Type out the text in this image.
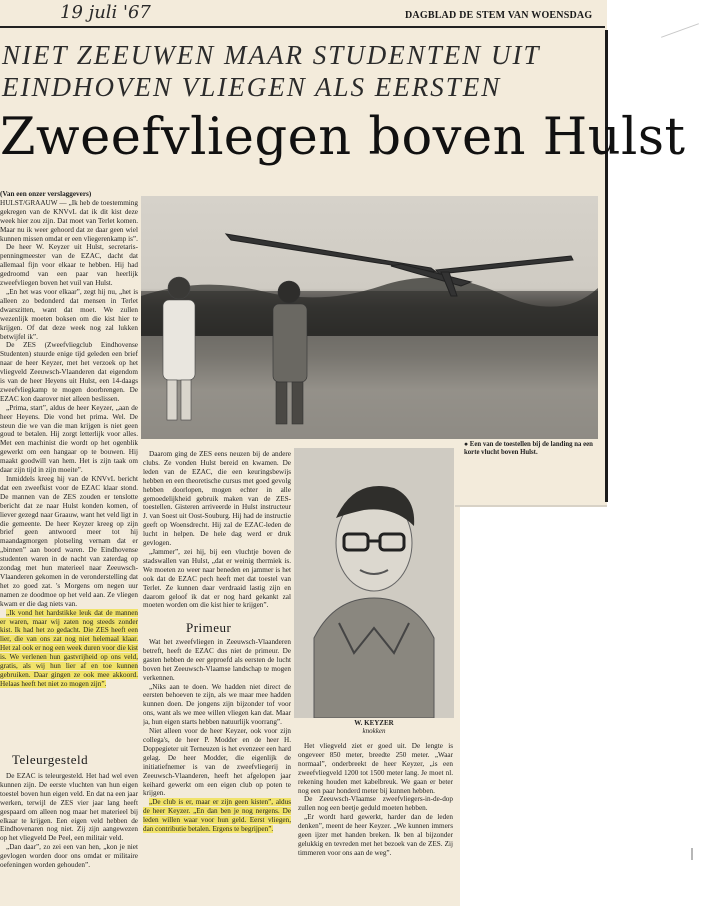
19 juli '67	DAGBLAD DE STEM VAN WOENSDAG
NIET ZEEUWEN MAAR STUDENTEN UIT
EINDHOVEN VLIEGEN ALS EERSTEN
Zweefvliegen boven Hulst

(Van een onzer verslaggevers)

HULST/GRAAUW — „Ik heb de toestemming gekregen van de KNVvL dat ik dit kist deze week hier zou zijn. Dat moet van Terlet komen. Maar nu ik weer gehoord dat ze daar geen wiel kunnen missen omdat er een vliegerenkamp is”.

De heer W. Keyzer uit Hulst, secretaris-penningmeester van de EZAC, dacht dat allemaal fijn voor elkaar te hebben. Hij had gedroomd van een paar van heerlijk zweefvliegen boven het vuil van Hulst.

„En het was voor elkaar”, zegt hij nu, „het is alleen zo bedonderd dat mensen in Terlet dwarszitten, want dat moet. We zullen wezenlijk moeten boksen om die kist hier te krijgen. Of dat deze week nog zal lukken betwijfel ik”.

De ZES (Zweefvliegclub Eindhovense Studenten) stuurde enige tijd geleden een brief naar de heer Keyzer, met het verzoek op het vliegveld Zeeuwsch-Vlaanderen dat eigendom is van de heer Heyens uit Hulst, een 14-daags zweefvliegkamp te mogen doorbrengen. De EZAC kon daarover niet alleen beslissen.

„Prima, start”, aldus de heer Keyzer, „aan de heer Heyens. Die vond het prima. Wel. De steun die we van die man krijgen is niet geen goud te betalen. Hij zorgt letterlijk voor alles. Met een machinist die wordt op het ogenblik gewerkt om een hangaar op te bouwen. Hij maakt goodwill van hem. Het is zijn taak om daar zijn tijd in zijn moeite”.

Inmiddels kreeg hij van de KNVvL bericht dat een zweefkist voor de EZAC klaar stond. De mannen van de ZES zouden er tenslotte bericht dat ze naar Hulst konden komen, of liever gezegd naar Graauw, want het veld ligt in die gemeente. De heer Keyzer kreeg op zijn brief geen antwoord meer tot hij maandagmorgen plotseling vernam dat er „binnen” aan boord waren. De Eindhovense studenten waren in de nacht van zaterdag op zondag met hun materieel naar Zeeuwsch-Vlaanderen gekomen in de veronderstelling dat het zo goed zat. 's Morgens om negen uur namen ze doodmoe op het veld aan. Ze vliegen kwam er die dag niets van.

„Ik vond het hardstikke leuk dat de mannen er waren, maar wij zaten nog steeds zonder kist. Ik had het zo gedacht. Die ZES heeft een lier, die van ons zat nog niet helemaal klaar. Het zal ook er nog een week duren voor die kist is. We verlenen hun gastvrijheid op ons veld, gratis, als wij hun lier af en toe kunnen gebruiken. Daar gingen ze ook mee akkoord. Helaas heeft het niet zo mogen zijn”.

Teleurgesteld

De EZAC is teleurgesteld. Het had wel even kunnen zijn. De eerste vluchten van hun eigen toestel boven hun eigen veld. En dat na een jaar werken, terwijl de ZES vier jaar lang heeft gespaard om alleen nog maar het materieel bij elkaar te krijgen. Een eigen veld hebben de Eindhovenaren nog niet. Zij zijn aangewezen op het vliegveld De Peel, een militair veld.

„Dan daar”, zo zei een van hen, „kon je niet gevlogen worden door ons omdat er militaire oefeningen worden gehouden”.

● Een van de toestellen bij de landing na een korte vlucht boven Hulst.

Daarom ging de ZES eens neuzen bij de andere clubs. Ze vonden Hulst bereid en kwamen. De leden van de EZAC, die een keuringsbewijs hebben en een theoretische cursus met goed gevolg hebben doorlopen, mogen echter in alle gemoedelijkheid gebruik maken van de ZES-toestellen. Gisteren arriveerde in Hulst instructeur J. van Soest uit Oost-Souburg. Hij had de instructie geeft op Woensdrecht. Hij zal de EZAC-leden de lucht in helpen. De hele dag werd er druk gevlogen.

„Jammer”, zei hij, bij een vluchtje boven de stadswallen van Hulst, „dat er weinig thermiek is. We moeten zo weer naar beneden en jammer is het ook dat de EZAC pech heeft met dat toestel van Terlet. Ze kunnen daar verdraaid lastig zijn en daarom geloof ik dat er nog hard gekankt zal moeten worden om die kist hier te krijgen”.

Primeur

Wat het zweefvliegen in Zeeuwsch-Vlaanderen betreft, heeft de EZAC dus niet de primeur. De gasten hebben de eer geproefd als eersten de lucht boven het Zeeuwsch-Vlaamse landschap te mogen verkennen.

„Niks aan te doen. We hadden niet direct de eersten behoeven te zijn, als we maar mee hadden kunnen doen. De jongens zijn bijzonder tof voor ons, want als we mee willen vliegen kan dat. Maar ja, hun eigen starts hebben natuurlijk voorrang”.

Niet alleen voor de heer Keyzer, ook voor zijn collega's, de heer P. Modder en de heer H. Doppegieter uit Terneuzen is het evenzeer een hard gelag. De heer Modder, die eigenlijk de initiatiefnemer is van de zweefvliegerij in Zeeuwsch-Vlaanderen, heeft het afgelopen jaar keihard gewerkt om een eigen club op poten te krijgen.

„De club is er, maar er zijn geen kisten”, aldus de heer Keyzer. „En dan ben je nog nergens. De leden willen waar voor hun geld. Eerst vliegen, dan contributie betalen. Ergens te begrijpen”.

W. KEYZER
knokken

Het vliegveld ziet er goed uit. De lengte is ongeveer 850 meter, breedte 250 meter. „Waar normaal”, onderbreekt de heer Keyzer, „is een zweefvliegveld 1200 tot 1500 meter lang. Je moet nl. rekening houden met kabelbreuk. We gaan er beter nog een paar honderd meter bij kunnen hebben.

De Zeeuwsch-Vlaamse zweefvliegers-in-de-dop zullen nog een beetje geduld moeten hebben.

„Er wordt hard gewerkt, harder dan de leden denken”, meent de heer Keyzer. „We kunnen immers geen ijzer met handen breken. Ik ben al bijzonder gelukkig en tevreden met het bezoek van de ZES. Zij timmeren voor ons aan de weg”.
